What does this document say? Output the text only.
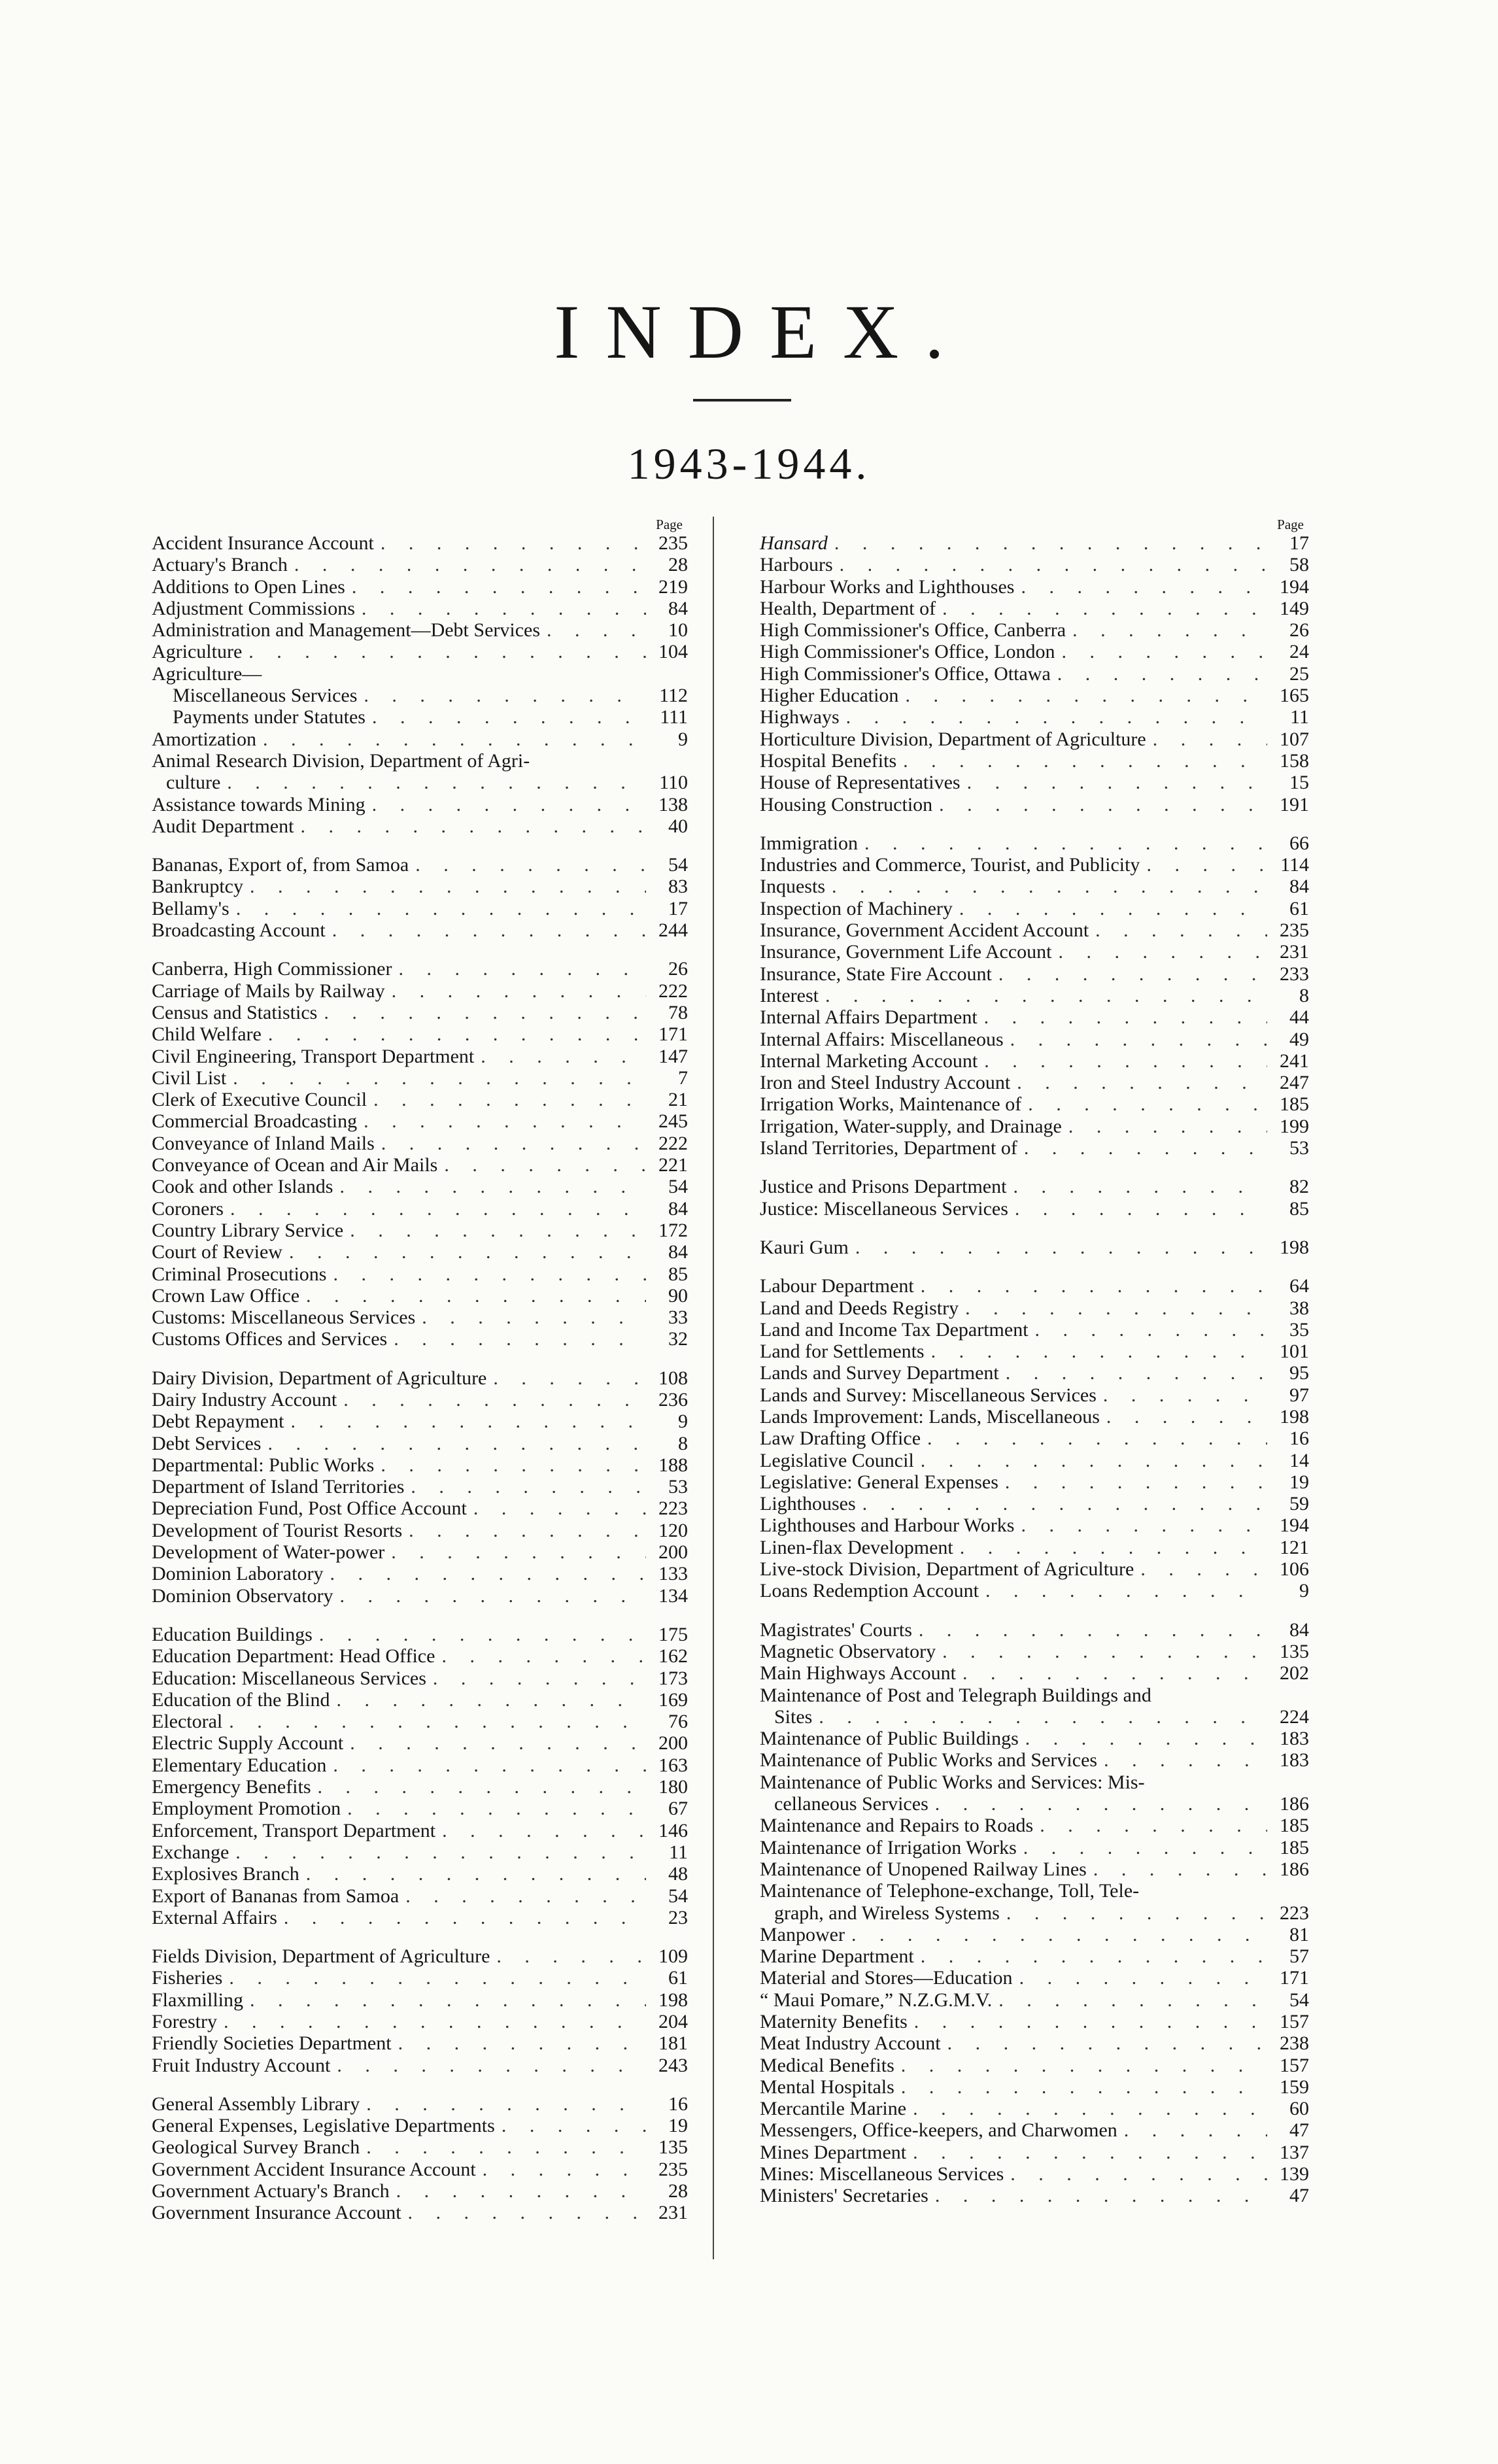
INDEX.
1943-1944.
Page
Accident Insurance Account . . .	235
Actuary's Branch . . .	28
Additions to Open Lines . . .	219
Adjustment Commissions . . .	84
Administration and Management—Debt Services . . .	10
Agriculture . . .	104
Agriculture—
Miscellaneous Services . . .	112
Payments under Statutes . . .	111
Amortization . . .	9
Animal Research Division, Department of Agri-
culture . . .	110
Assistance towards Mining . . .	138
Audit Department . . .	40
Bananas, Export of, from Samoa . . .	54
Bankruptcy . . .	83
Bellamy's . . .	17
Broadcasting Account . . .	244
Canberra, High Commissioner . . .	26
Carriage of Mails by Railway . . .	222
Census and Statistics . . .	78
Child Welfare . . .	171
Civil Engineering, Transport Department . . .	147
Civil List . . .	7
Clerk of Executive Council . . .	21
Commercial Broadcasting . . .	245
Conveyance of Inland Mails . . .	222
Conveyance of Ocean and Air Mails . . .	221
Cook and other Islands . . .	54
Coroners . . .	84
Country Library Service . . .	172
Court of Review . . .	84
Criminal Prosecutions . . .	85
Crown Law Office . . .	90
Customs: Miscellaneous Services . . .	33
Customs Offices and Services . . .	32
Dairy Division, Department of Agriculture . . .	108
Dairy Industry Account . . .	236
Debt Repayment . . .	9
Debt Services . . .	8
Departmental: Public Works . . .	188
Department of Island Territories . . .	53
Depreciation Fund, Post Office Account . . .	223
Development of Tourist Resorts . . .	120
Development of Water-power . . .	200
Dominion Laboratory . . .	133
Dominion Observatory . . .	134
Education Buildings . . .	175
Education Department: Head Office . . .	162
Education: Miscellaneous Services . . .	173
Education of the Blind . . .	169
Electoral . . .	76
Electric Supply Account . . .	200
Elementary Education . . .	163
Emergency Benefits . . .	180
Employment Promotion . . .	67
Enforcement, Transport Department . . .	146
Exchange . . .	11
Explosives Branch . . .	48
Export of Bananas from Samoa . . .	54
External Affairs . . .	23
Fields Division, Department of Agriculture . . .	109
Fisheries . . .	61
Flaxmilling . . .	198
Forestry . . .	204
Friendly Societies Department . . .	181
Fruit Industry Account . . .	243
General Assembly Library . . .	16
General Expenses, Legislative Departments . . .	19
Geological Survey Branch . . .	135
Government Accident Insurance Account . . .	235
Government Actuary's Branch . . .	28
Government Insurance Account . . .	231
Page
Hansard . . .	17
Harbours . . .	58
Harbour Works and Lighthouses . . .	194
Health, Department of . . .	149
High Commissioner's Office, Canberra . . .	26
High Commissioner's Office, London . . .	24
High Commissioner's Office, Ottawa . . .	25
Higher Education . . .	165
Highways . . .	11
Horticulture Division, Department of Agriculture . . .	107
Hospital Benefits . . .	158
House of Representatives . . .	15
Housing Construction . . .	191
Immigration . . .	66
Industries and Commerce, Tourist, and Publicity . . .	114
Inquests . . .	84
Inspection of Machinery . . .	61
Insurance, Government Accident Account . . .	235
Insurance, Government Life Account . . .	231
Insurance, State Fire Account . . .	233
Interest . . .	8
Internal Affairs Department . . .	44
Internal Affairs: Miscellaneous . . .	49
Internal Marketing Account . . .	241
Iron and Steel Industry Account . . .	247
Irrigation Works, Maintenance of . . .	185
Irrigation, Water-supply, and Drainage . . .	199
Island Territories, Department of . . .	53
Justice and Prisons Department . . .	82
Justice: Miscellaneous Services . . .	85
Kauri Gum . . .	198
Labour Department . . .	64
Land and Deeds Registry . . .	38
Land and Income Tax Department . . .	35
Land for Settlements . . .	101
Lands and Survey Department . . .	95
Lands and Survey: Miscellaneous Services . . .	97
Lands Improvement: Lands, Miscellaneous . . .	198
Law Drafting Office . . .	16
Legislative Council . . .	14
Legislative: General Expenses . . .	19
Lighthouses . . .	59
Lighthouses and Harbour Works . . .	194
Linen-flax Development . . .	121
Live-stock Division, Department of Agriculture . . .	106
Loans Redemption Account . . .	9
Magistrates' Courts . . .	84
Magnetic Observatory . . .	135
Main Highways Account . . .	202
Maintenance of Post and Telegraph Buildings and
Sites . . .	224
Maintenance of Public Buildings . . .	183
Maintenance of Public Works and Services . . .	183
Maintenance of Public Works and Services: Mis-
cellaneous Services . . .	186
Maintenance and Repairs to Roads . . .	185
Maintenance of Irrigation Works . . .	185
Maintenance of Unopened Railway Lines . . .	186
Maintenance of Telephone-exchange, Toll, Tele-
graph, and Wireless Systems . . .	223
Manpower . . .	81
Marine Department . . .	57
Material and Stores—Education . . .	171
“ Maui Pomare,” N.Z.G.M.V. . . .	54
Maternity Benefits . . .	157
Meat Industry Account . . .	238
Medical Benefits . . .	157
Mental Hospitals . . .	159
Mercantile Marine . . .	60
Messengers, Office-keepers, and Charwomen . . .	47
Mines Department . . .	137
Mines: Miscellaneous Services . . .	139
Ministers' Secretaries . . .	47
